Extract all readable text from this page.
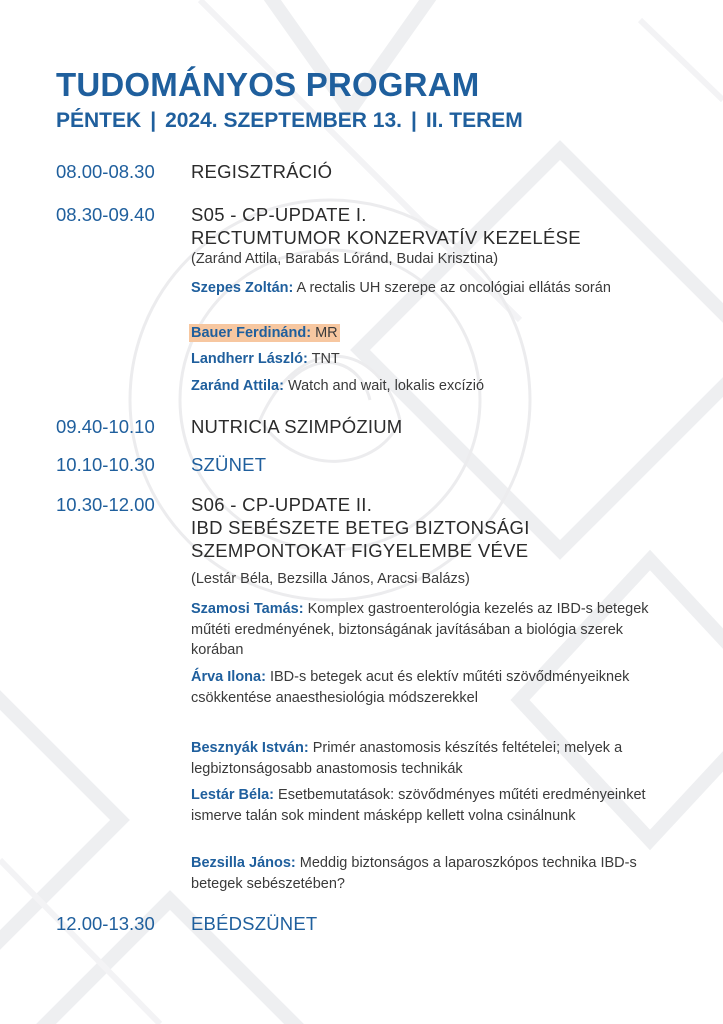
TUDOMÁNYOS PROGRAM
PÉNTEK | 2024. SZEPTEMBER 13. | II. TEREM
08.00-08.30 REGISZTRÁCIÓ
08.30-09.40 S05 - CP-UPDATE I.
RECTUMTUMOR KONZERVATÍV KEZELÉSE
(Zaránd Attila, Barabás Lóránd, Budai Krisztina)
Szepes Zoltán: A rectalis UH szerepe az oncológiai ellátás során
Bauer Ferdinánd: MR
Landherr László: TNT
Zaránd Attila: Watch and wait, lokalis excízió
09.40-10.10 NUTRICIA SZIMPÓZIUM
10.10-10.30 SZÜNET
10.30-12.00 S06 - CP-UPDATE II.
IBD SEBÉSZETE BETEG BIZTONSÁGI
SZEMPONTOKAT FIGYELEMBE VÉVE
(Lestár Béla, Bezsilla János, Aracsi Balázs)
Szamosi Tamás: Komplex gastroenterológia kezelés az IBD-s betegek műtéti eredményének, biztonságának javításában a biológia szerek korában
Árva Ilona: IBD-s betegek acut és elektív műtéti szövődményeiknek csökkentése anaesthesiológia módszerekkel
Besznyák István: Primér anastomosis készítés feltételei; melyek a legbiztonságosabb anastomosis technikák
Lestár Béla: Esetbemutatások: szövődményes műtéti eredményeinket ismerve talán sok mindent másképp kellett volna csinálnunk
Bezsilla János: Meddig biztonságos a laparoszkópos technika IBD-s betegek sebészetében?
12.00-13.30 EBÉDSZÜNET
